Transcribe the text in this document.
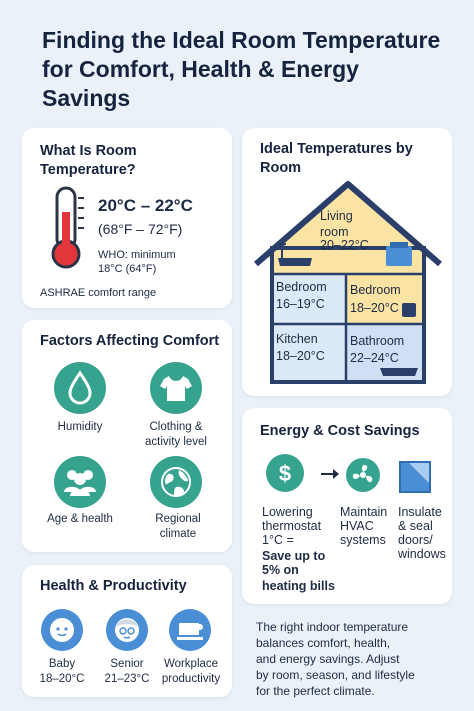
Finding the Ideal Room Temperature for Comfort, Health & Energy Savings
What Is Room Temperature?
20°C – 22°C
(68°F – 72°F)
WHO: minimum
18°C (64°F)
ASHRAE comfort range
Factors Affecting Comfort
Humidity	Clothing & activity level
Age & health	Regional climate
Health & Productivity
Baby
18–20°C
Senior
21–23°C
Workplace
productivity
Ideal Temperatures by Room
Living room
20–22°C
Bedroom
16–19°C
Bedroom
18–20°C
Kitchen
18–20°C
Bathroom
22–24°C
Energy & Cost Savings
$
Lowering
thermostat
1°C =
Save up to
5% on
heating bills
Maintain
HVAC
systems
Insulate
& seal
doors/
windows
The right indoor temperature
balances comfort, health,
and energy savings. Adjust
by room, season, and lifestyle
for the perfect climate.
